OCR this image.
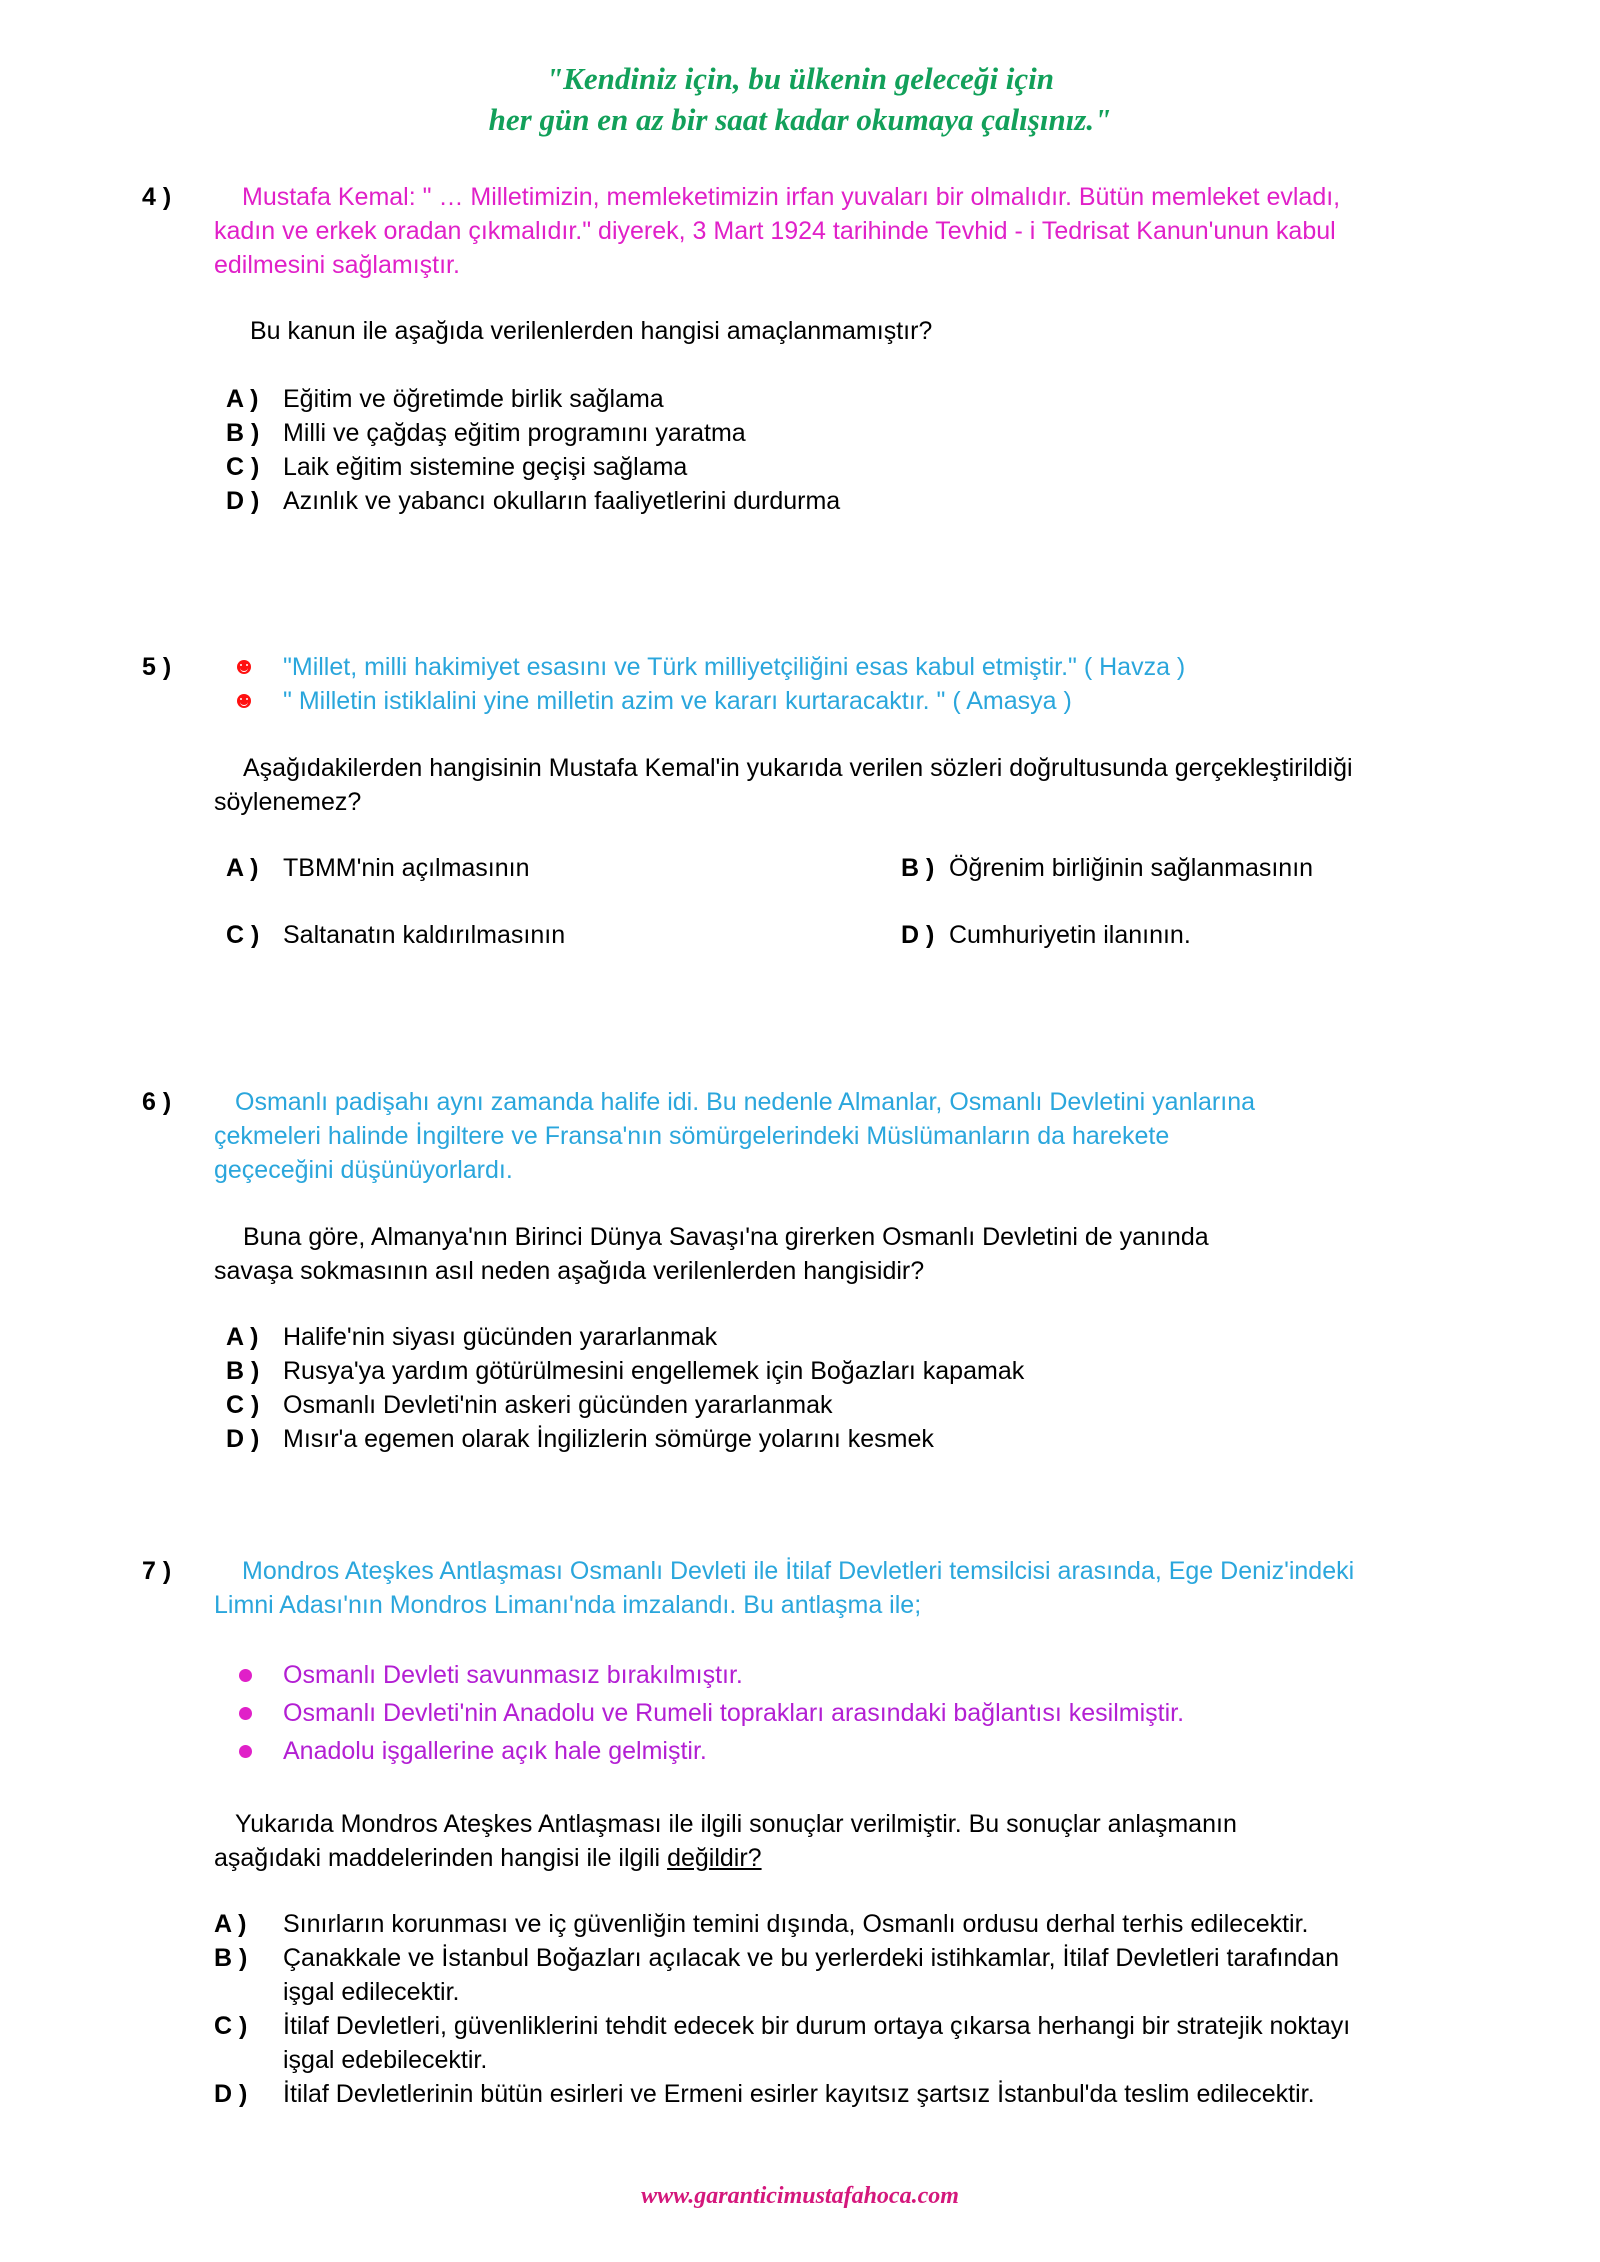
"Kendiniz için, bu ülkenin geleceği için
her gün en az bir saat kadar okumaya çalışınız."
4 )	Mustafa Kemal: " … Milletimizin, memleketimizin irfan yuvaları bir olmalıdır. Bütün memleket evladı,
kadın ve erkek oradan çıkmalıdır." diyerek, 3 Mart 1924 tarihinde Tevhid - i Tedrisat Kanun'unun kabul
edilmesini sağlamıştır.
Bu kanun ile aşağıda verilenlerden hangisi amaçlanmamıştır?
A ) Eğitim ve öğretimde birlik sağlama
B ) Milli ve çağdaş eğitim programını yaratma
C ) Laik eğitim sistemine geçişi sağlama
D ) Azınlık ve yabancı okulların faaliyetlerini durdurma
5 )	"Millet, milli hakimiyet esasını ve Türk milliyetçiliğini esas kabul etmiştir." ( Havza )
" Milletin istiklalini yine milletin azim ve kararı kurtaracaktır. " ( Amasya )
Aşağıdakilerden hangisinin Mustafa Kemal'in yukarıda verilen sözleri doğrultusunda gerçekleştirildiği
söylenemez?
A ) TBMM'nin açılmasının	B ) Öğrenim birliğinin sağlanmasının
C ) Saltanatın kaldırılmasının	D ) Cumhuriyetin ilanının.
6 )	Osmanlı padişahı aynı zamanda halife idi. Bu nedenle Almanlar, Osmanlı Devletini yanlarına
çekmeleri halinde İngiltere ve Fransa'nın sömürgelerindeki Müslümanların da harekete
geçeceğini düşünüyorlardı.
Buna göre, Almanya'nın Birinci Dünya Savaşı'na girerken Osmanlı Devletini de yanında
savaşa sokmasının asıl neden aşağıda verilenlerden hangisidir?
A ) Halife'nin siyası gücünden yararlanmak
B ) Rusya'ya yardım götürülmesini engellemek için Boğazları kapamak
C ) Osmanlı Devleti'nin askeri gücünden yararlanmak
D ) Mısır'a egemen olarak İngilizlerin sömürge yolarını kesmek
7 )	Mondros Ateşkes Antlaşması Osmanlı Devleti ile İtilaf Devletleri temsilcisi arasında, Ege Deniz'indeki
Limni Adası'nın Mondros Limanı'nda imzalandı. Bu antlaşma ile;
Osmanlı Devleti savunmasız bırakılmıştır.
Osmanlı Devleti'nin Anadolu ve Rumeli toprakları arasındaki bağlantısı kesilmiştir.
Anadolu işgallerine açık hale gelmiştir.
Yukarıda Mondros Ateşkes Antlaşması ile ilgili sonuçlar verilmiştir. Bu sonuçlar anlaşmanın
aşağıdaki maddelerinden hangisi ile ilgili değildir?
A ) Sınırların korunması ve iç güvenliğin temini dışında, Osmanlı ordusu derhal terhis edilecektir.
B ) Çanakkale ve İstanbul Boğazları açılacak ve bu yerlerdeki istihkamlar, İtilaf Devletleri tarafından
işgal edilecektir.
C ) İtilaf Devletleri, güvenliklerini tehdit edecek bir durum ortaya çıkarsa herhangi bir stratejik noktayı
işgal edebilecektir.
D ) İtilaf Devletlerinin bütün esirleri ve Ermeni esirler kayıtsız şartsız İstanbul'da teslim edilecektir.
www.garanticimustafahoca.com
